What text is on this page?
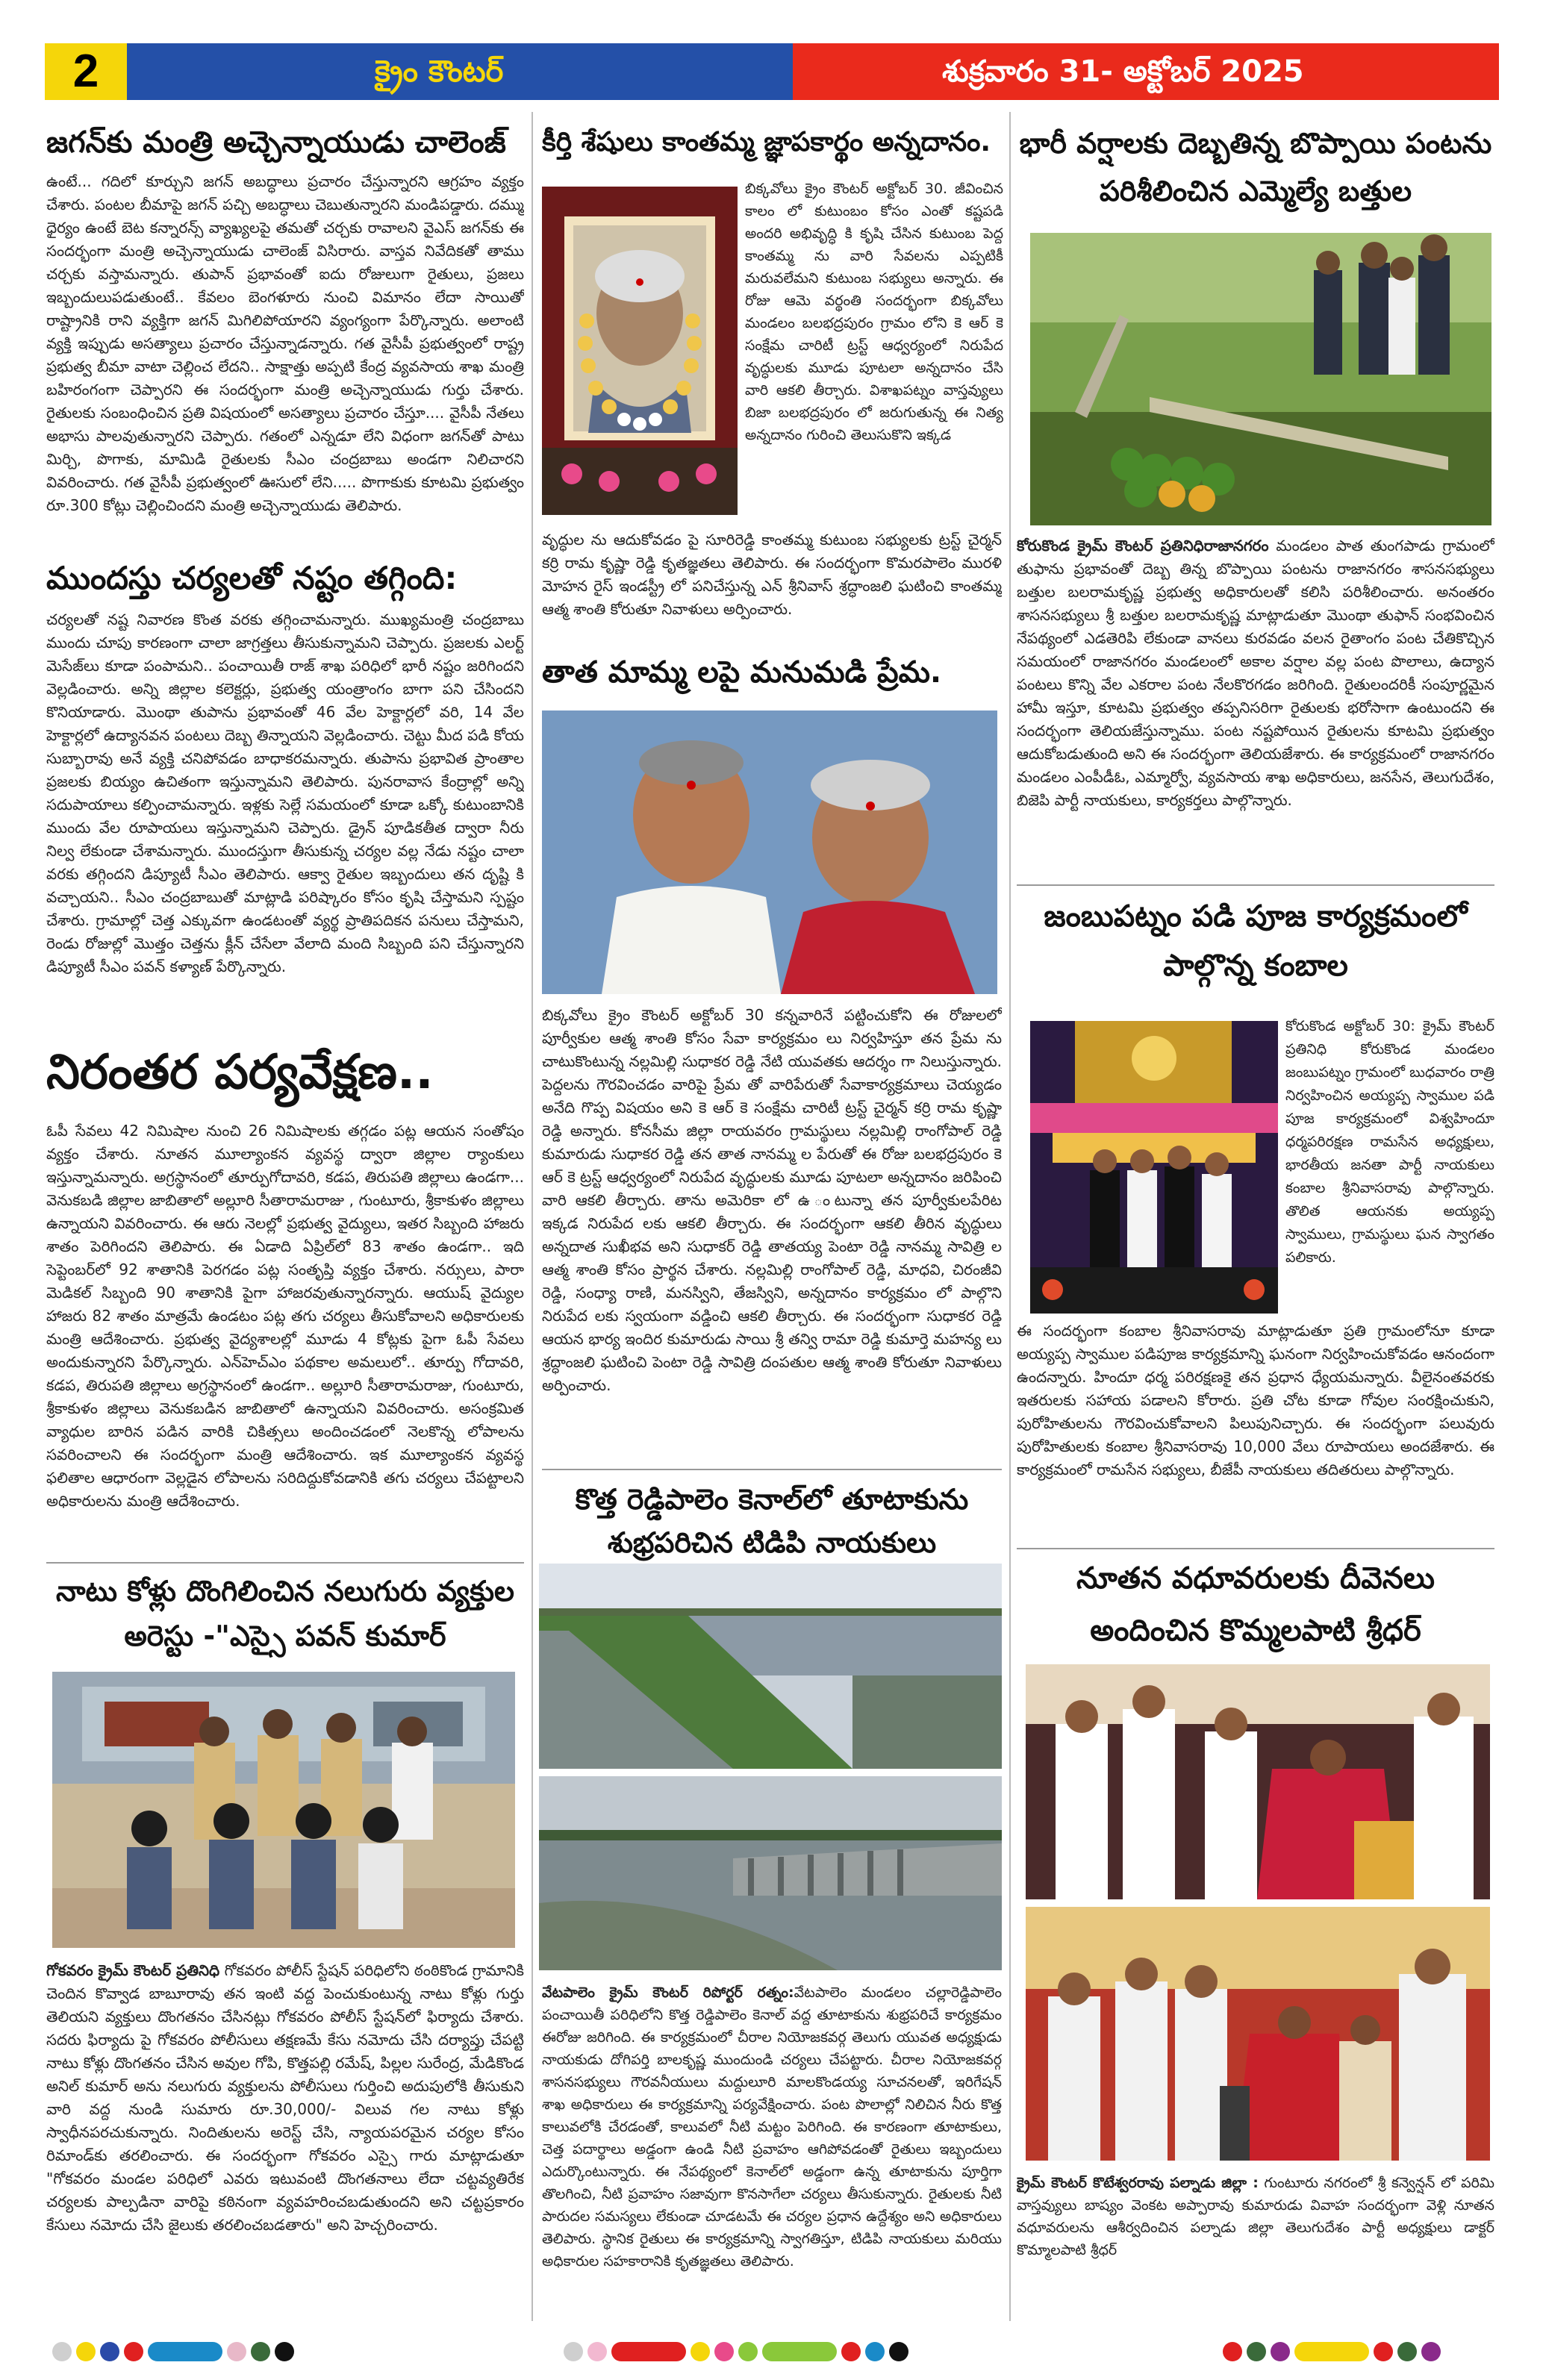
2	క్రైం కౌంటర్	శుక్రవారం 31- అక్టోబర్ 2025
జగన్‌కు మంత్రి అచ్చెన్నాయుడు చాలెంజ్

ఉంటే... గదిలో కూర్చుని జగన్ అబద్ధాలు ప్రచారం చేస్తున్నారని ఆగ్రహం వ్యక్తం చేశారు. పంటల బీమాపై జగన్ పచ్చి అబద్ధాలు చెబుతున్నారని మండిపడ్డారు. దమ్ము ధైర్యం ఉంటే బెట కన్నారన్స్ వ్యాఖ్యలపై తమతో చర్చకు రావాలని వైఎస్ జగన్‌కు ఈ సందర్భంగా మంత్రి అచ్చెన్నాయుడు చాలెంజ్ విసిరారు. వాస్తవ నివేదికతో తాము చర్చకు వస్తామన్నారు. తుపాన్ ప్రభావంతో ఐదు రోజులుగా రైతులు, ప్రజలు ఇబ్బందులుపడుతుంటే.. కేవలం బెంగళూరు నుంచి విమానం లేదా సాయితో రాష్ట్రానికి రాని వ్యక్తిగా జగన్ మిగిలిపోయారని వ్యంగ్యంగా పేర్కొన్నారు. అలాంటి వ్యక్తి ఇప్పుడు అసత్యాలు ప్రచారం చేస్తున్నాడన్నారు. గత వైసీపీ ప్రభుత్వంలో రాష్ట్ర ప్రభుత్వ బీమా వాటా చెల్లించ లేదని.. సాక్షాత్తు అప్పటి కేంద్ర వ్యవసాయ శాఖ మంత్రి బహిరంగంగా చెప్పారని ఈ సందర్భంగా మంత్రి అచ్చెన్నాయుడు గుర్తు చేశారు. రైతులకు సంబంధించిన ప్రతి విషయంలో అసత్యాలు ప్రచారం చేస్తూ.... వైసీపీ నేతలు అభాసు పాలవుతున్నారని చెప్పారు. గతంలో ఎన్నడూ లేని విధంగా జగన్‌తో పాటు మిర్చి, పొగాకు, మామిడి రైతులకు సీఎం చంద్రబాబు అండగా నిలిచారని వివరించారు. గత వైసీపీ ప్రభుత్వంలో ఊసులో లేని..... పొగాకుకు కూటమి ప్రభుత్వం రూ.300 కోట్లు చెల్లించిందని మంత్రి అచ్చెన్నాయుడు తెలిపారు.

ముందస్తు చర్యలతో నష్టం తగ్గింది:

చర్యలతో నష్ట నివారణ కొంత వరకు తగ్గించామన్నారు. ముఖ్యమంత్రి చంద్రబాబు ముందు చూపు కారణంగా చాలా జాగ్రత్తలు తీసుకున్నామని చెప్పారు. ప్రజలకు ఎలర్ట్ మెసేజ్‌లు కూడా పంపామని.. పంచాయితీ రాజ్ శాఖ పరిధిలో భారీ నష్టం జరిగిందని వెల్లడించారు. అన్ని జిల్లాల కలెక్టర్లు, ప్రభుత్వ యంత్రాంగం బాగా పని చేసిందని కొనియాడారు. మొంథా తుపాను ప్రభావంతో 46 వేల హెక్టార్లలో వరి, 14 వేల హెక్టార్లలో ఉద్యానవన పంటలు దెబ్బ తిన్నాయని వెల్లడించారు. చెట్టు మీద పడి కోయ సుబ్బారావు అనే వ్యక్తి చనిపోవడం బాధాకరమన్నారు. తుపాను ప్రభావిత ప్రాంతాల ప్రజలకు బియ్యం ఉచితంగా ఇస్తున్నామని తెలిపారు. పునరావాస కేంద్రాల్లో అన్ని సదుపాయాలు కల్పించామన్నారు. ఇళ్లకు సెల్లే సమయంలో కూడా ఒక్కో కుటుంబానికి ముందు వేల రూపాయలు ఇస్తున్నామని చెప్పారు. డ్రైన్ పూడికతీత ద్వారా నీరు నిల్వ లేకుండా చేశామన్నారు. ముందస్తుగా తీసుకున్న చర్యల వల్ల నేడు నష్టం చాలా వరకు తగ్గిందని డిప్యూటీ సీఎం తెలిపారు. ఆక్వా రైతుల ఇబ్బందులు తన దృష్టి కి వచ్చాయని.. సీఎం చంద్రబాబుతో మాట్లాడి పరిష్కారం కోసం కృషి చేస్తామని స్పష్టం చేశారు. గ్రామాల్లో చెత్త ఎక్కువగా ఉండటంతో వ్యర్థ ప్రాతిపదికన పనులు చేస్తామని, రెండు రోజుల్లో మొత్తం చెత్తను క్లీన్ చేసేలా వేలాది మంది సిబ్బంది పని చేస్తున్నారని డిప్యూటీ సీఎం పవన్ కళ్యాణ్ పేర్కొన్నారు.

నిరంతర పర్యవేక్షణ..

ఓపీ సేవలు 42 నిమిషాల నుంచి 26 నిమిషాలకు తగ్గడం పట్ల ఆయన సంతోషం వ్యక్తం చేశారు. నూతన మూల్యాంకన వ్యవస్థ ద్వారా జిల్లాల ర్యాంకులు ఇస్తున్నామన్నారు. అగ్రస్థానంలో తూర్పుగోదావరి, కడప, తిరుపతి జిల్లాలు ఉండగా... వెనుకబడి జిల్లాల జాబితాలో అల్లూరి సీతారామరాజు , గుంటూరు, శ్రీకాకుళం జిల్లాలు ఉన్నాయని వివరించారు. ఈ ఆరు నెలల్లో ప్రభుత్వ వైద్యులు, ఇతర సిబ్బంది హాజరు శాతం పెరిగిందని తెలిపారు. ఈ ఏడాది ఏప్రిల్‌లో 83 శాతం ఉండగా.. ఇది సెప్టెంబర్‌లో 92 శాతానికి పెరగడం పట్ల సంతృప్తి వ్యక్తం చేశారు. నర్సులు, పారా మెడికల్ సిబ్బంది 90 శాతానికి పైగా హాజరవుతున్నారన్నారు. ఆయుష్ వైద్యుల హాజరు 82 శాతం మాత్రమే ఉండటం పట్ల తగు చర్యలు తీసుకోవాలని అధికారులకు మంత్రి ఆదేశించారు. ప్రభుత్వ వైద్యశాలల్లో మూడు 4 కోట్లకు పైగా ఓపీ సేవలు అందుకున్నారని పేర్కొన్నారు. ఎన్‌హెచ్‌ఎం పథకాల అమలులో.. తూర్పు గోదావరి, కడప, తిరుపతి జిల్లాలు అగ్రస్థానంలో ఉండగా.. అల్లూరి సీతారామరాజు, గుంటూరు, శ్రీకాకుళం జిల్లాలు వెనుకబడిన జాబితాలో ఉన్నాయని వివరించారు. అసంక్రమిత వ్యాధుల బారిన పడిన వారికి చికిత్సలు అందించడంలో నెలకొన్న లోపాలను సవరించాలని ఈ సందర్భంగా మంత్రి ఆదేశించారు. ఇక మూల్యాంకన వ్యవస్థ ఫలితాల ఆధారంగా వెల్లడైన లోపాలను సరిదిద్దుకోవడానికి తగు చర్యలు చేపట్టాలని అధికారులను మంత్రి ఆదేశించారు.

నాటు కోళ్లు దొంగిలించిన నలుగురు వ్యక్తుల అరెస్టు -"ఎస్సై పవన్ కుమార్

గోకవరం క్రైమ్ కౌంటర్ ప్రతినిధి గోకవరం పోలీస్ స్టేషన్ పరిధిలోని ఠంఠికొండ గ్రామానికి చెందిన కొవ్వాడ బాబూరావు తన ఇంటి వద్ద పెంచుకుంటున్న నాటు కోళ్లు గుర్తు తెలియని వ్యక్తులు దొంగతనం చేసినట్లు గోకవరం పోలీస్ స్టేషన్‌లో ఫిర్యాదు చేశారు. సదరు ఫిర్యాదు పై గోకవరం పోలీసులు తక్షణమే కేసు నమోదు చేసి దర్యాప్తు చేపట్టి నాటు కోళ్లు దొంగతనం చేసిన అవుల గోపి, కొత్తపల్లి రమేష్, పిల్లల సురేంద్ర, మేడికొండ అనిల్ కుమార్ అను నలుగురు వ్యక్తులను పోలీసులు గుర్తించి అదుపులోకి తీసుకుని వారి వద్ద నుండి సుమారు రూ.30,000/- విలువ గల నాటు కోళ్లు స్వాధీనపరచుకున్నారు. నిందితులను అరెస్ట్ చేసి, న్యాయపరమైన చర్యల కోసం రిమాండ్‌కు తరలించారు. ఈ సందర్భంగా గోకవరం ఎస్సై గారు మాట్లాడుతూ "గోకవరం మండల పరిధిలో ఎవరు ఇటువంటి దొంగతనాలు లేదా చట్టవ్యతిరేక చర్యలకు పాల్పడినా వారిపై కఠినంగా వ్యవహరించబడుతుందని అని చట్టప్రకారం కేసులు నమోదు చేసి జైలుకు తరలించబడతారు" అని హెచ్చరించారు.

కీర్తి శేషులు కాంతమ్మ జ్ఞాపకార్థం అన్నదానం.

బిక్కవోలు క్రైం కౌంటర్ అక్టోబర్ 30. జీవించిన కాలం లో కుటుంబం కోసం ఎంతో కష్టపడి అందరి అభివృద్ధి కి కృషి చేసిన కుటుంబ పెద్ద కాంతమ్మ ను వారి సేవలను ఎప్పటికీ మరువలేమని కుటుంబ సభ్యులు అన్నారు. ఈ రోజు ఆమె వర్థంతి సందర్భంగా బిక్కవోలు మండలం బలభద్రపురం గ్రామం లోని కె ఆర్ కె సంక్షేమ చారిటీ ట్రస్ట్ ఆధ్వర్యంలో నిరుపేద వృద్ధులకు మూడు పూటలా అన్నదానం చేసి వారి ఆకలి తీర్చారు. విశాఖపట్నం వాస్తవ్యులు బిజా బలభద్రపురం లో జరుగుతున్న ఈ నిత్య అన్నదానం గురించి తెలుసుకొని ఇక్కడ

వృద్ధుల ను ఆదుకోవడం పై సూరిరెడ్డి కాంతమ్మ కుటుంబ సభ్యులకు ట్రస్ట్ చైర్మన్ కర్రి రామ కృష్ణా రెడ్డి కృతజ్ఞతలు తెలిపారు. ఈ సందర్భంగా కొమరపాలెం మురళి మోహన రైస్ ఇండస్ట్రీ లో పనిచేస్తున్న ఎన్ శ్రీనివాస్ శ్రద్ధాంజలి ఘటించి కాంతమ్మ ఆత్మ శాంతి కోరుతూ నివాళులు అర్పించారు.

తాత మామ్మ లపై మనుమడి ప్రేమ.

బిక్కవోలు క్రైం కౌంటర్ అక్టోబర్ 30 కన్నవారినే పట్టించుకోని ఈ రోజులలో పూర్వీకుల ఆత్మ శాంతి కోసం సేవా కార్యక్రమం లు నిర్వహిస్తూ తన ప్రేమ ను చాటుకొంటున్న నల్లమిల్లి సుధాకర రెడ్డి నేటి యువతకు ఆదర్శం గా నిలుస్తున్నారు. పెద్దలను గౌరవించడం వారిపై ప్రేమ తో వారిపేరుతో సేవాకార్యక్రమాలు చెయ్యడం అనేది గొప్ప విషయం అని కె ఆర్ కె సంక్షేమ చారిటీ ట్రస్ట్ చైర్మన్ కర్రి రామ కృష్ణా రెడ్డి అన్నారు. కోనసీమ జిల్లా రాయవరం గ్రామస్థులు నల్లమిల్లి రాంగోపాల్ రెడ్డి కుమారుడు సుధాకర రెడ్డి తన తాత నానమ్మ ల పేరుతో ఈ రోజు బలభద్రపురం కె ఆర్ కె ట్రస్ట్ ఆధ్వర్యంలో నిరుపేద వృద్ధులకు మూడు పూటలా అన్నదానం జరిపించి వారి ఆకలి తీర్చారు. తాను అమెరికా లో ఉ ంటున్నా తన పూర్వీకులపేరిట ఇక్కడ నిరుపేద లకు ఆకలి తీర్చారు. ఈ సందర్భంగా ఆకలి తీరిన వృద్ధులు అన్నదాత సుఖీభవ అని సుధాకర్ రెడ్డి తాతయ్య పెంటా రెడ్డి నానమ్మ సావిత్రి ల ఆత్మ శాంతి కోసం ప్రార్థన చేశారు. నల్లమిల్లి రాంగోపాల్ రెడ్డి, మాధవి, చిరంజీవి రెడ్డి, సంధ్యా రాణి, మనస్విని, తేజస్విని, అన్నదానం కార్యక్రమం లో పాల్గొని నిరుపేద లకు స్వయంగా వడ్డించి ఆకలి తీర్చారు. ఈ సందర్భంగా సుధాకర రెడ్డి ఆయన భార్య ఇందిర కుమారుడు సాయి శ్రీ తన్వి రామా రెడ్డి కుమార్తె మహన్య లు శ్రద్ధాంజలి ఘటించి పెంటా రెడ్డి సావిత్రి దంపతుల ఆత్మ శాంతి కోరుతూ నివాళులు అర్పించారు.

కొత్త రెడ్డిపాలెం కెనాల్‌లో తూటాకును శుభ్రపరిచిన టిడిపి నాయకులు

వేటపాలెం క్రైమ్ కౌంటర్ రిపోర్టర్ రత్నం:వేటపాలెం మండలం చల్లారెడ్డిపాలెం పంచాయితీ పరిధిలోని కొత్త రెడ్డిపాలెం కెనాల్ వద్ద తూటాకును శుభ్రపరిచే కార్యక్రమం ఈరోజు జరిగింది. ఈ కార్యక్రమంలో చీరాల నియోజకవర్గ తెలుగు యువత అధ్యక్షుడు నాయకుడు దోగిపర్తి బాలకృష్ణ ముందుండి చర్యలు చేపట్టారు. చీరాల నియోజకవర్గ శాసనసభ్యులు గౌరవనీయులు మద్దులూరి మాలకొండయ్య సూచనలతో, ఇరిగేషన్ శాఖ అధికారులు ఈ కార్యక్రమాన్ని పర్యవేక్షించారు. పంట పొలాల్లో నిలిచిన నీరు కొత్త కాలువలోకి చేరడంతో, కాలువలో నీటి మట్టం పెరిగింది. ఈ కారణంగా తూటాకులు, చెత్త పదార్థాలు అడ్డంగా ఉండి నీటి ప్రవాహం ఆగిపోవడంతో రైతులు ఇబ్బందులు ఎదుర్కొంటున్నారు. ఈ నేపథ్యంలో కెనాల్‌లో అడ్డంగా ఉన్న తూటాకును పూర్తిగా తొలగించి, నీటి ప్రవాహం సజావుగా కొనసాగేలా చర్యలు తీసుకున్నారు. రైతులకు నీటి పారుదల సమస్యలు లేకుండా చూడటమే ఈ చర్యల ప్రధాన ఉద్దేశ్యం అని అధికారులు తెలిపారు. స్థానిక రైతులు ఈ కార్యక్రమాన్ని స్వాగతిస్తూ, టిడిపి నాయకులు మరియు అధికారుల సహకారానికి కృతజ్ఞతలు తెలిపారు.

భారీ వర్షాలకు దెబ్బతిన్న బొప్పాయి పంటను పరిశీలించిన ఎమ్మెల్యే బత్తుల

కోరుకొండ క్రైమ్ కౌంటర్ ప్రతినిధిరాజానగరం మండలం పాత తుంగపాడు గ్రామంలో తుఫాను ప్రభావంతో దెబ్బ తిన్న బొప్పాయి పంటను రాజానగరం శాసనసభ్యులు బత్తుల బలరామకృష్ణ ప్రభుత్వ అధికారులతో కలిసి పరిశీలించారు. అనంతరం శాసనసభ్యులు శ్రీ బత్తుల బలరామకృష్ణ మాట్లాడుతూ మొంథా తుఫాన్ సంభవించిన నేపథ్యంలో ఎడతెరిపి లేకుండా వానలు కురవడం వలన రైతాంగం పంట చేతికొచ్చిన సమయంలో రాజానగరం మండలంలో అకాల వర్షాల వల్ల పంట పొలాలు, ఉద్యాన పంటలు కొన్ని వేల ఎకరాల పంట నేలకొరగడం జరిగింది. రైతులందరికీ సంపూర్ణమైన హామీ ఇస్తూ, కూటమి ప్రభుత్వం తప్పనిసరిగా రైతులకు భరోసాగా ఉంటుందని ఈ సందర్భంగా తెలియజేస్తున్నాము. పంట నష్టపోయిన రైతులను కూటమి ప్రభుత్వం ఆదుకోబడుతుంది అని ఈ సందర్భంగా తెలియజేశారు. ఈ కార్యక్రమంలో రాజానగరం మండలం ఎంపీడీఓ, ఎమ్మార్వో, వ్యవసాయ శాఖ అధికారులు, జనసేన, తెలుగుదేశం, బిజెపి పార్టీ నాయకులు, కార్యకర్తలు పాల్గొన్నారు.

జంబుపట్నం పడి పూజ కార్యక్రమంలో పాల్గొన్న కంబాల

కోరుకొండ అక్టోబర్ 30: క్రైమ్ కౌంటర్ ప్రతినిధి కోరుకొండ మండలం జంబుపట్నం గ్రామంలో బుధవారం రాత్రి నిర్వహించిన అయ్యప్ప స్వాముల పడి పూజ కార్యక్రమంలో విశ్వహిందూ ధర్మపరిరక్షణ రామసేన అధ్యక్షులు, భారతీయ జనతా పార్టీ నాయకులు కంబాల శ్రీనివాసరావు పాల్గొన్నారు. తొలిత ఆయనకు అయ్యప్ప స్వాములు, గ్రామస్థులు ఘన స్వాగతం పలికారు.

ఈ సందర్భంగా కంబాల శ్రీనివాసరావు మాట్లాడుతూ ప్రతి గ్రామంలోనూ కూడా అయ్యప్ప స్వాముల పడిపూజ కార్యక్రమాన్ని ఘనంగా నిర్వహించుకోవడం ఆనందంగా ఉందన్నారు. హిందూ ధర్మ పరిరక్షణకై తన ప్రధాన ధ్యేయమన్నారు. వీలైనంతవరకు ఇతరులకు సహాయ పడాలని కోరారు. ప్రతి చోట కూడా గోవుల సంరక్షించుకుని, పురోహితులను గౌరవించుకోవాలని పిలుపునిచ్చారు. ఈ సందర్భంగా పలువురు పురోహితులకు కంబాల శ్రీనివాసరావు 10,000 వేలు రూపాయలు అందజేశారు. ఈ కార్యక్రమంలో రామసేన సభ్యులు, బీజేపీ నాయకులు తదితరులు పాల్గొన్నారు.

నూతన వధూవరులకు దీవెనలు అందించిన కొమ్మలపాటి శ్రీధర్

క్రైమ్ కౌంటర్ కొటేశ్వరరావు పల్నాడు జిల్లా : గుంటూరు నగరంలో శ్రీ కన్వెన్షన్ లో పరిమి వాస్తవ్యులు బాష్యం వెంకట అప్పారావు కుమారుడు వివాహ సందర్భంగా వెళ్లి నూతన వధూవరులను ఆశీర్వదించిన పల్నాడు జిల్లా తెలుగుదేశం పార్టీ అధ్యక్షులు డాక్టర్ కొమ్మాలపాటి శ్రీధర్
